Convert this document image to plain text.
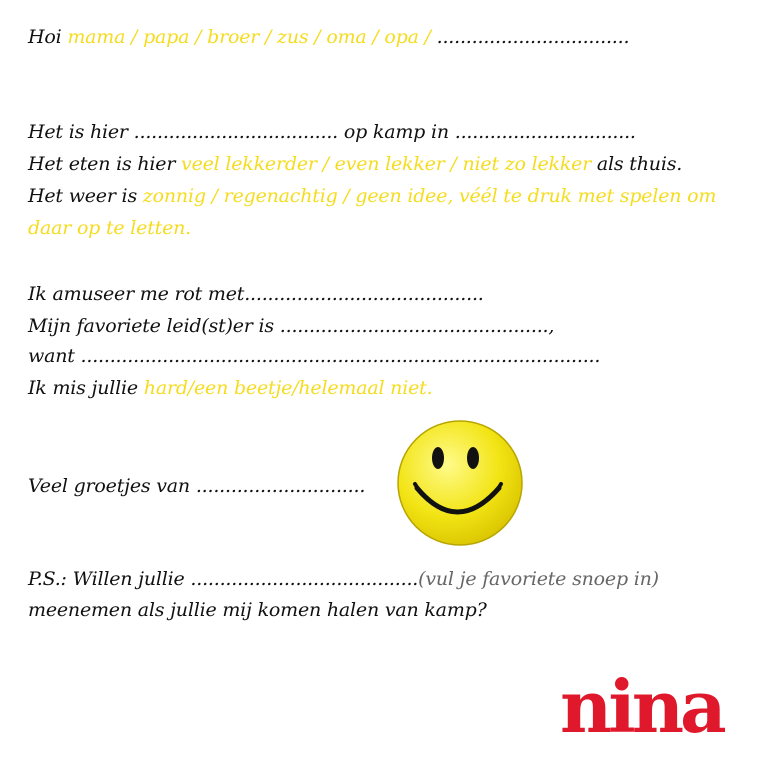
Hoi mama / papa / broer / zus / oma / opa / .................................
Het is hier ................................... op kamp in ...............................
Het eten is hier veel lekkerder / even lekker / niet zo lekker als thuis.
Het weer is zonnig / regenachtig / geen idee, véél te druk met spelen om
daar op te letten.
Ik amuseer me rot met.........................................
Mijn favoriete leid(st)er is ..............................................,
want .........................................................................................
Ik mis jullie hard/een beetje/helemaal niet.
Veel groetjes van .............................
P.S.: Willen jullie .......................................(vul je favoriete snoep in)
meenemen als jullie mij komen halen van kamp?
nina
